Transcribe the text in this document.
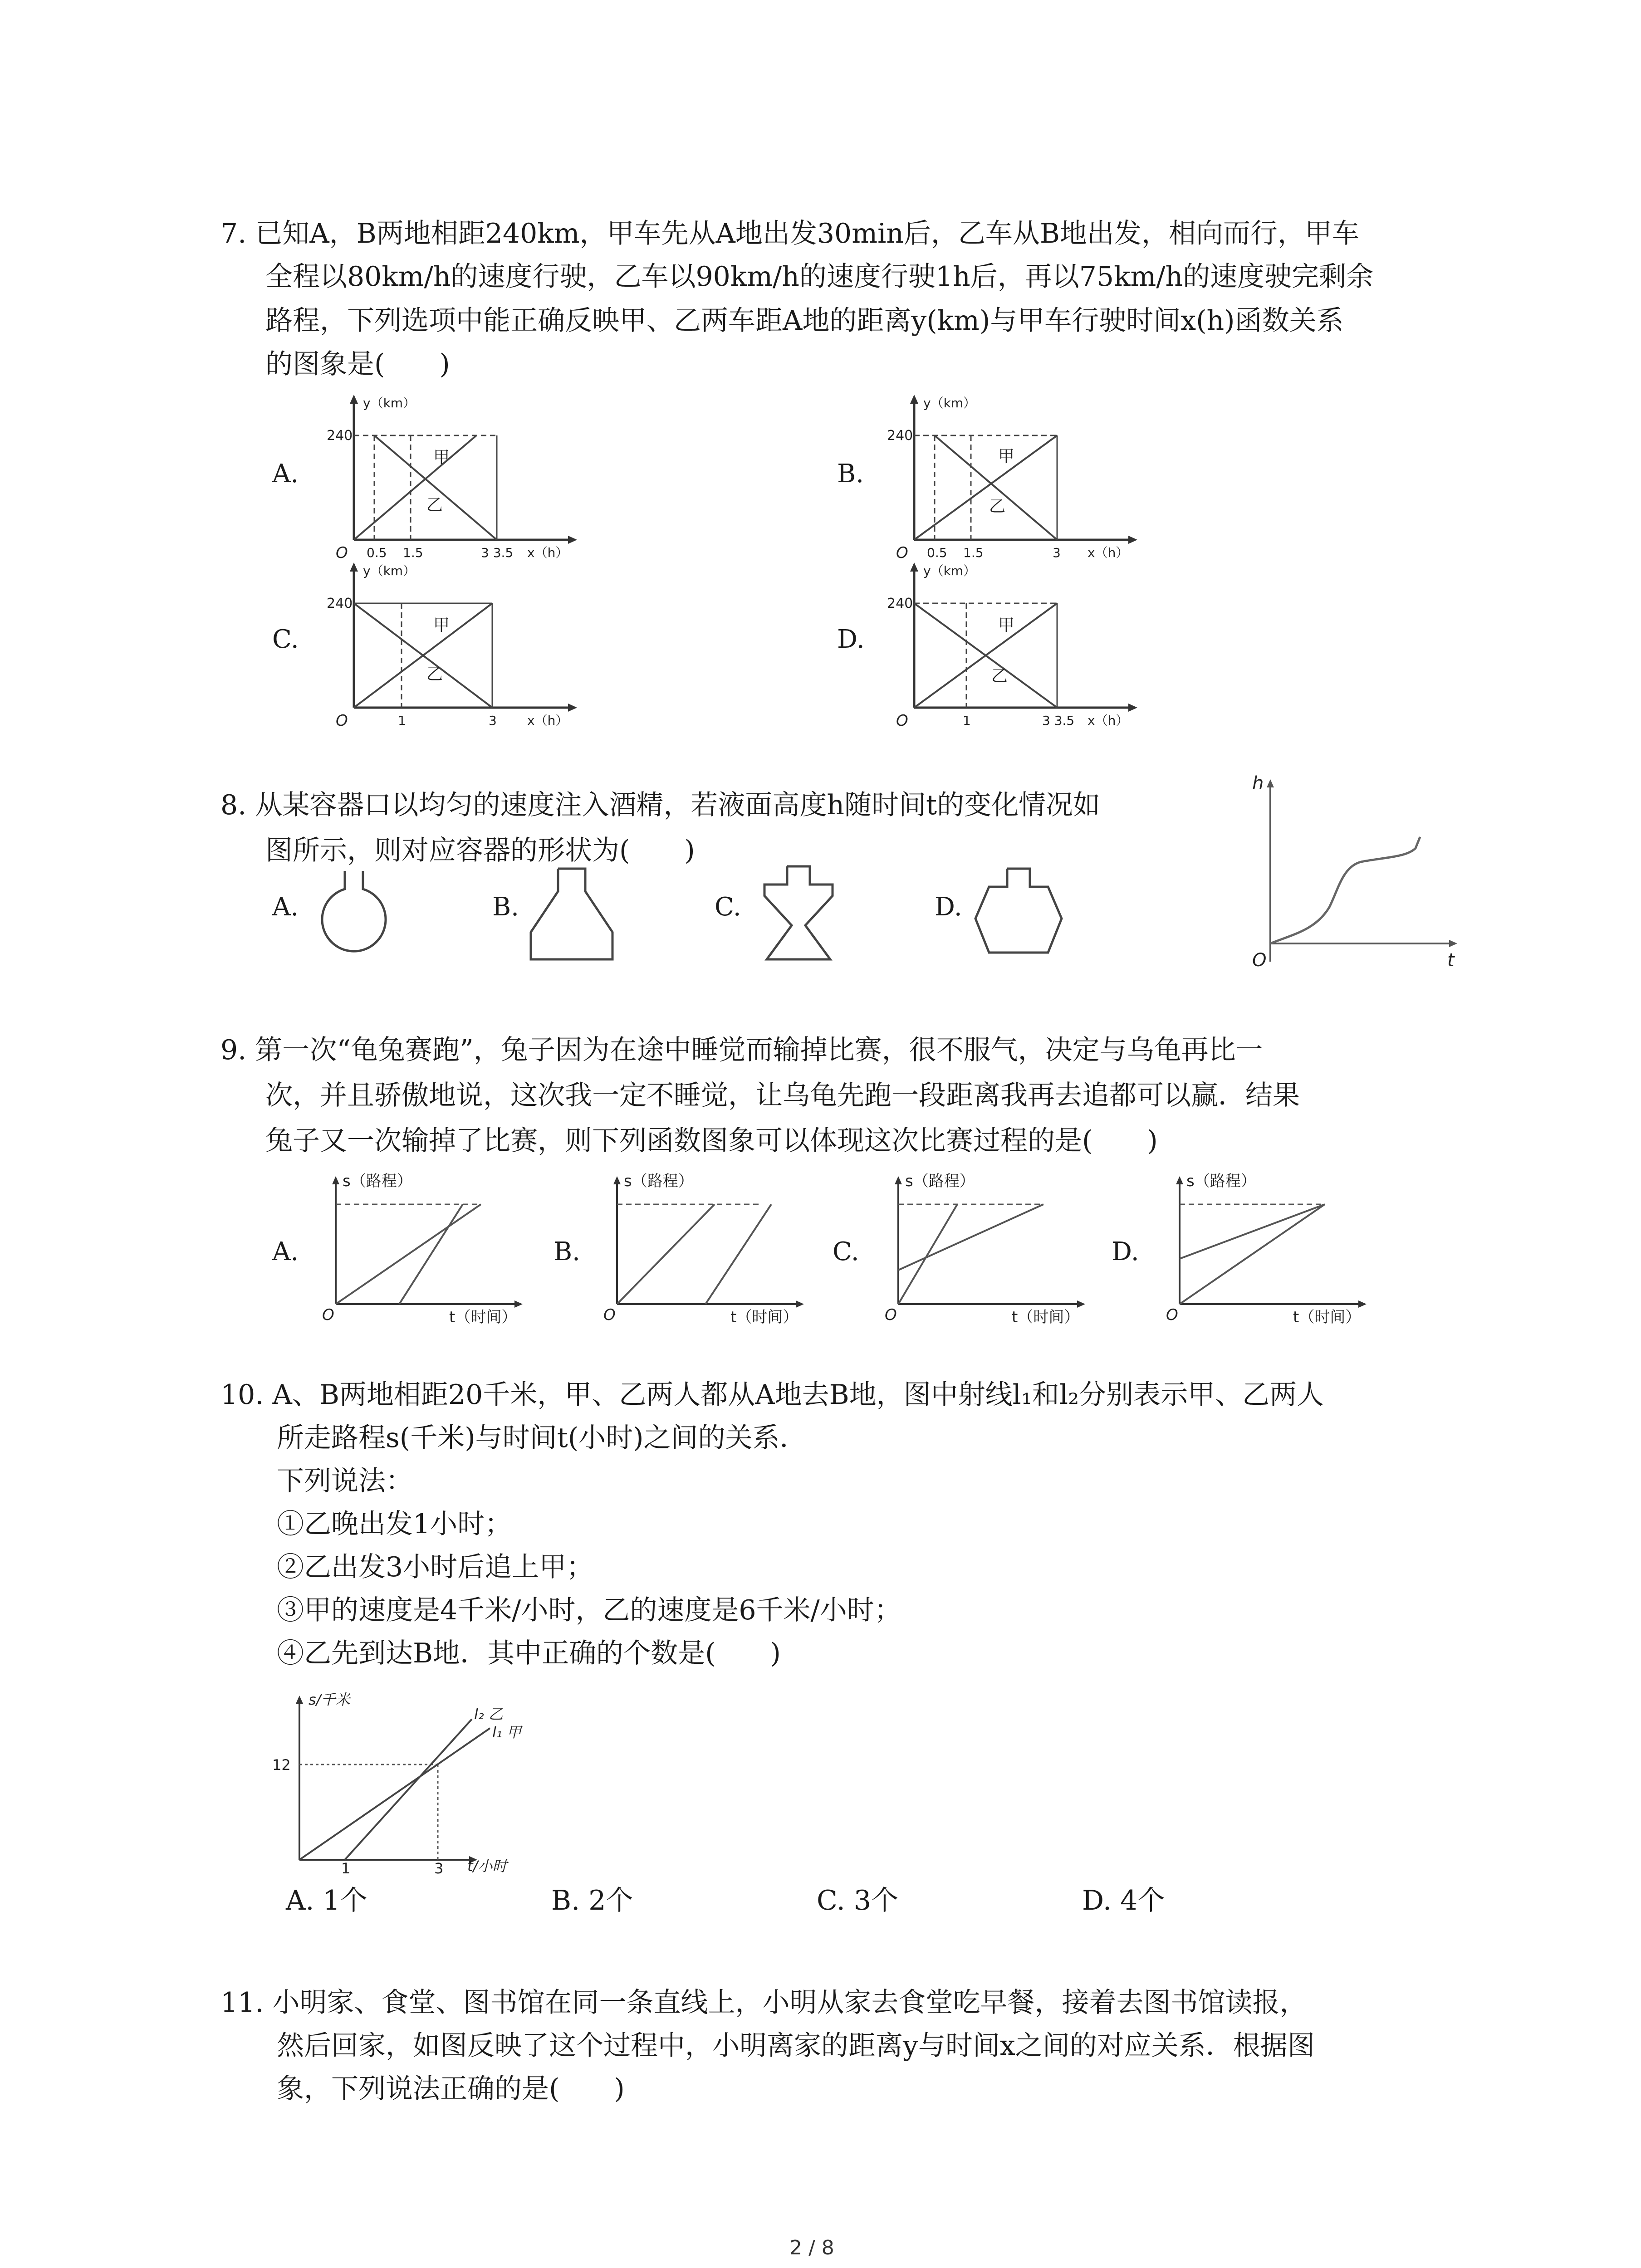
7. 已知A，B两地相距240km，甲车先从A地出发30min后，乙车从B地出发，相向而行，甲车
全程以80km/h的速度行驶，乙车以90km/h的速度行驶1h后，再以75km/h的速度驶完剩余
路程，下列选项中能正确反映甲、乙两车距A地的距离y(km)与甲车行驶时间x(h)函数关系
的图象是(　　)
A.
240
y（km）
O 0.5 1.5	3 3.5 x（h）
甲
乙
B.
240
y（km）
O 0.5 1.5	3 x（h）
甲
乙
C.
240
y（km）
O	1	3 x（h）
甲
乙
D.
240
y（km）
O	1	3 3.5 x（h）
甲
乙
8. 从某容器口以均匀的速度注入酒精，若液面高度h随时间t的变化情况如
图所示，则对应容器的形状为(　　)
A.	B.	C.	D.
h
t
O
9. 第一次“龟兔赛跑”，兔子因为在途中睡觉而输掉比赛，很不服气，决定与乌龟再比一
次，并且骄傲地说，这次我一定不睡觉，让乌龟先跑一段距离我再去追都可以赢．结果
兔子又一次输掉了比赛，则下列函数图象可以体现这次比赛过程的是(　　)
A.
s（路程）
t（时间）
O
B.
s（路程）
t（时间）
O
C.
s（路程）
t（时间）
O
D.
s（路程）
t（时间）
O
10. A、B两地相距20千米，甲、乙两人都从A地去B地，图中射线l₁和l₂分别表示甲、乙两人
所走路程s(千米)与时间t(小时)之间的关系．
下列说法：
①乙晚出发1小时；
②乙出发3小时后追上甲；
③甲的速度是4千米/小时，乙的速度是6千米/小时；
④乙先到达B地．其中正确的个数是(　　)
s/千米
12
1	3 t/小时
l₂ 乙
l₁ 甲
A. 1个	B. 2个	C. 3个	D. 4个
11. 小明家、食堂、图书馆在同一条直线上，小明从家去食堂吃早餐，接着去图书馆读报，
然后回家，如图反映了这个过程中，小明离家的距离y与时间x之间的对应关系．根据图
象，下列说法正确的是(　　)
2 / 8
